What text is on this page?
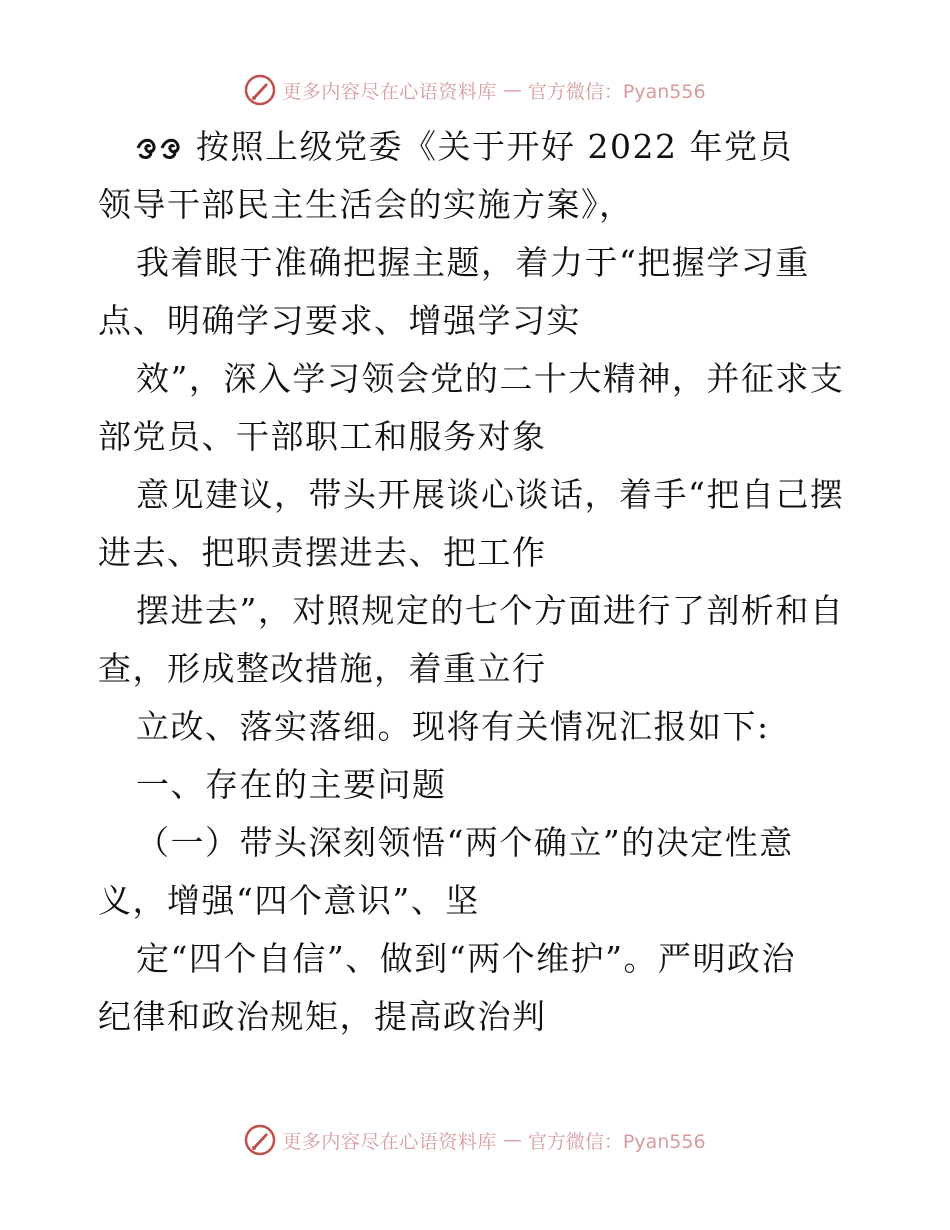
更多内容尽在心语资料库 — 官方微信：Pyan556
按照上级党委《关于开好 2022 年党员
领导干部民主生活会的实施方案》，
我着眼于准确把握主题，着力于“把握学习重
点、明确学习要求、增强学习实
效”，深入学习领会党的二十大精神，并征求支
部党员、干部职工和服务对象
意见建议，带头开展谈心谈话，着手“把自己摆
进去、把职责摆进去、把工作
摆进去”，对照规定的七个方面进行了剖析和自
查，形成整改措施，着重立行
立改、落实落细。现将有关情况汇报如下:
一、存在的主要问题
（一）带头深刻领悟“两个确立”的决定性意
义，增强“四个意识”、坚
定“四个自信”、做到“两个维护”。严明政治
纪律和政治规矩，提高政治判
更多内容尽在心语资料库 — 官方微信：Pyan556
